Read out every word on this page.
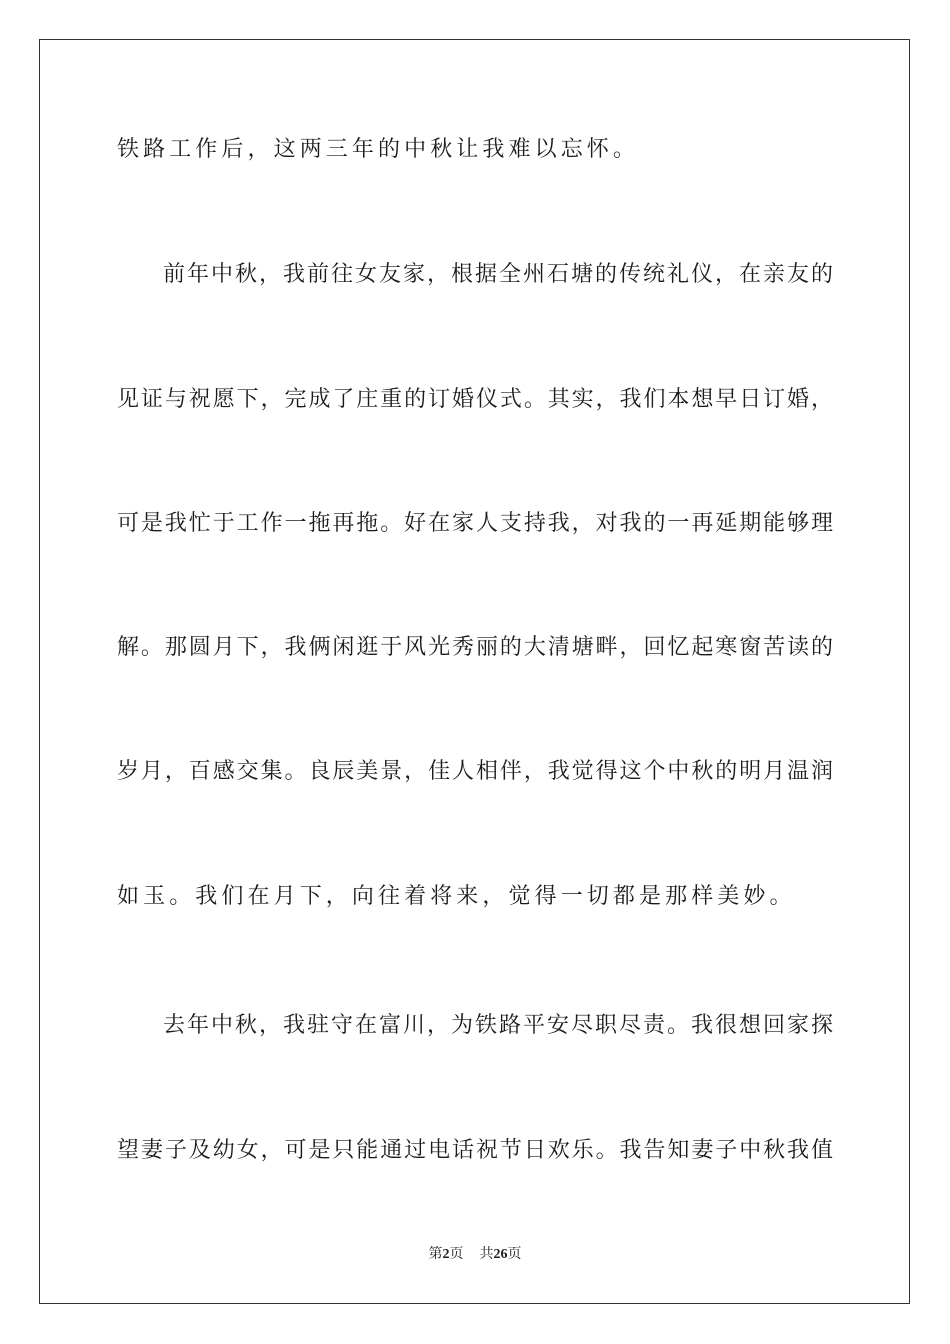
铁路工作后，这两三年的中秋让我难以忘怀。
前年中秋，我前往女友家，根据全州石塘的传统礼仪，在亲友的
见证与祝愿下，完成了庄重的订婚仪式。其实，我们本想早日订婚，
可是我忙于工作一拖再拖。好在家人支持我，对我的一再延期能够理
解。那圆月下，我俩闲逛于风光秀丽的大清塘畔，回忆起寒窗苦读的
岁月，百感交集。良辰美景，佳人相伴，我觉得这个中秋的明月温润
如玉。我们在月下，向往着将来，觉得一切都是那样美妙。
去年中秋，我驻守在富川，为铁路平安尽职尽责。我很想回家探
望妻子及幼女，可是只能通过电话祝节日欢乐。我告知妻子中秋我值
第2页 共26页
